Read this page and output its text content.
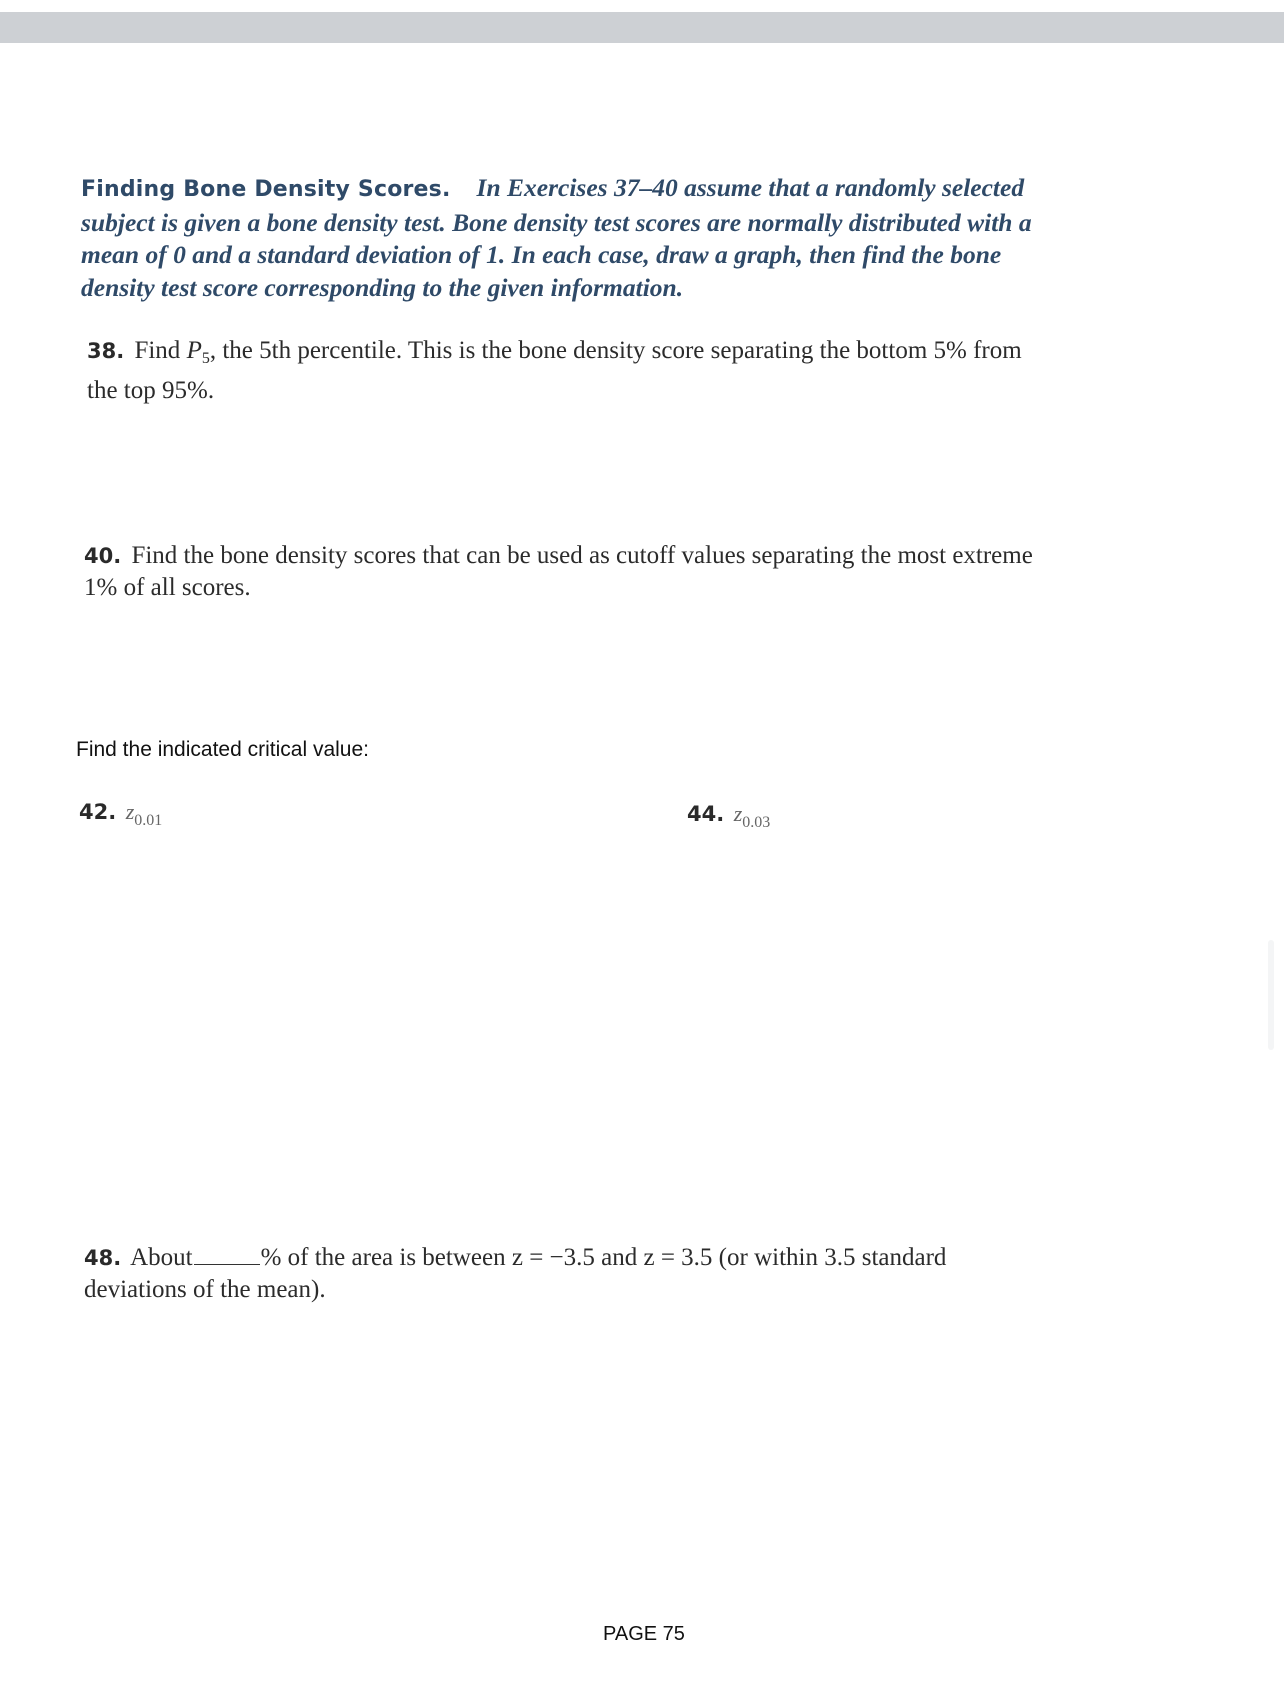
Finding Bone Density Scores. In Exercises 37–40 assume that a randomly selected subject is given a bone density test. Bone density test scores are normally distributed with a mean of 0 and a standard deviation of 1. In each case, draw a graph, then find the bone density test score corresponding to the given information.
38. Find $P_5$, the 5th percentile. This is the bone density score separating the bottom 5% from the top 95%.
40. Find the bone density scores that can be used as cutoff values separating the most extreme 1% of all scores.
Find the indicated critical value:
42. $z_{0.01}$	44. $z_{0.03}$
48. About	% of the area is between z = −3.5 and z = 3.5 (or within 3.5 standard deviations of the mean).
PAGE 75
